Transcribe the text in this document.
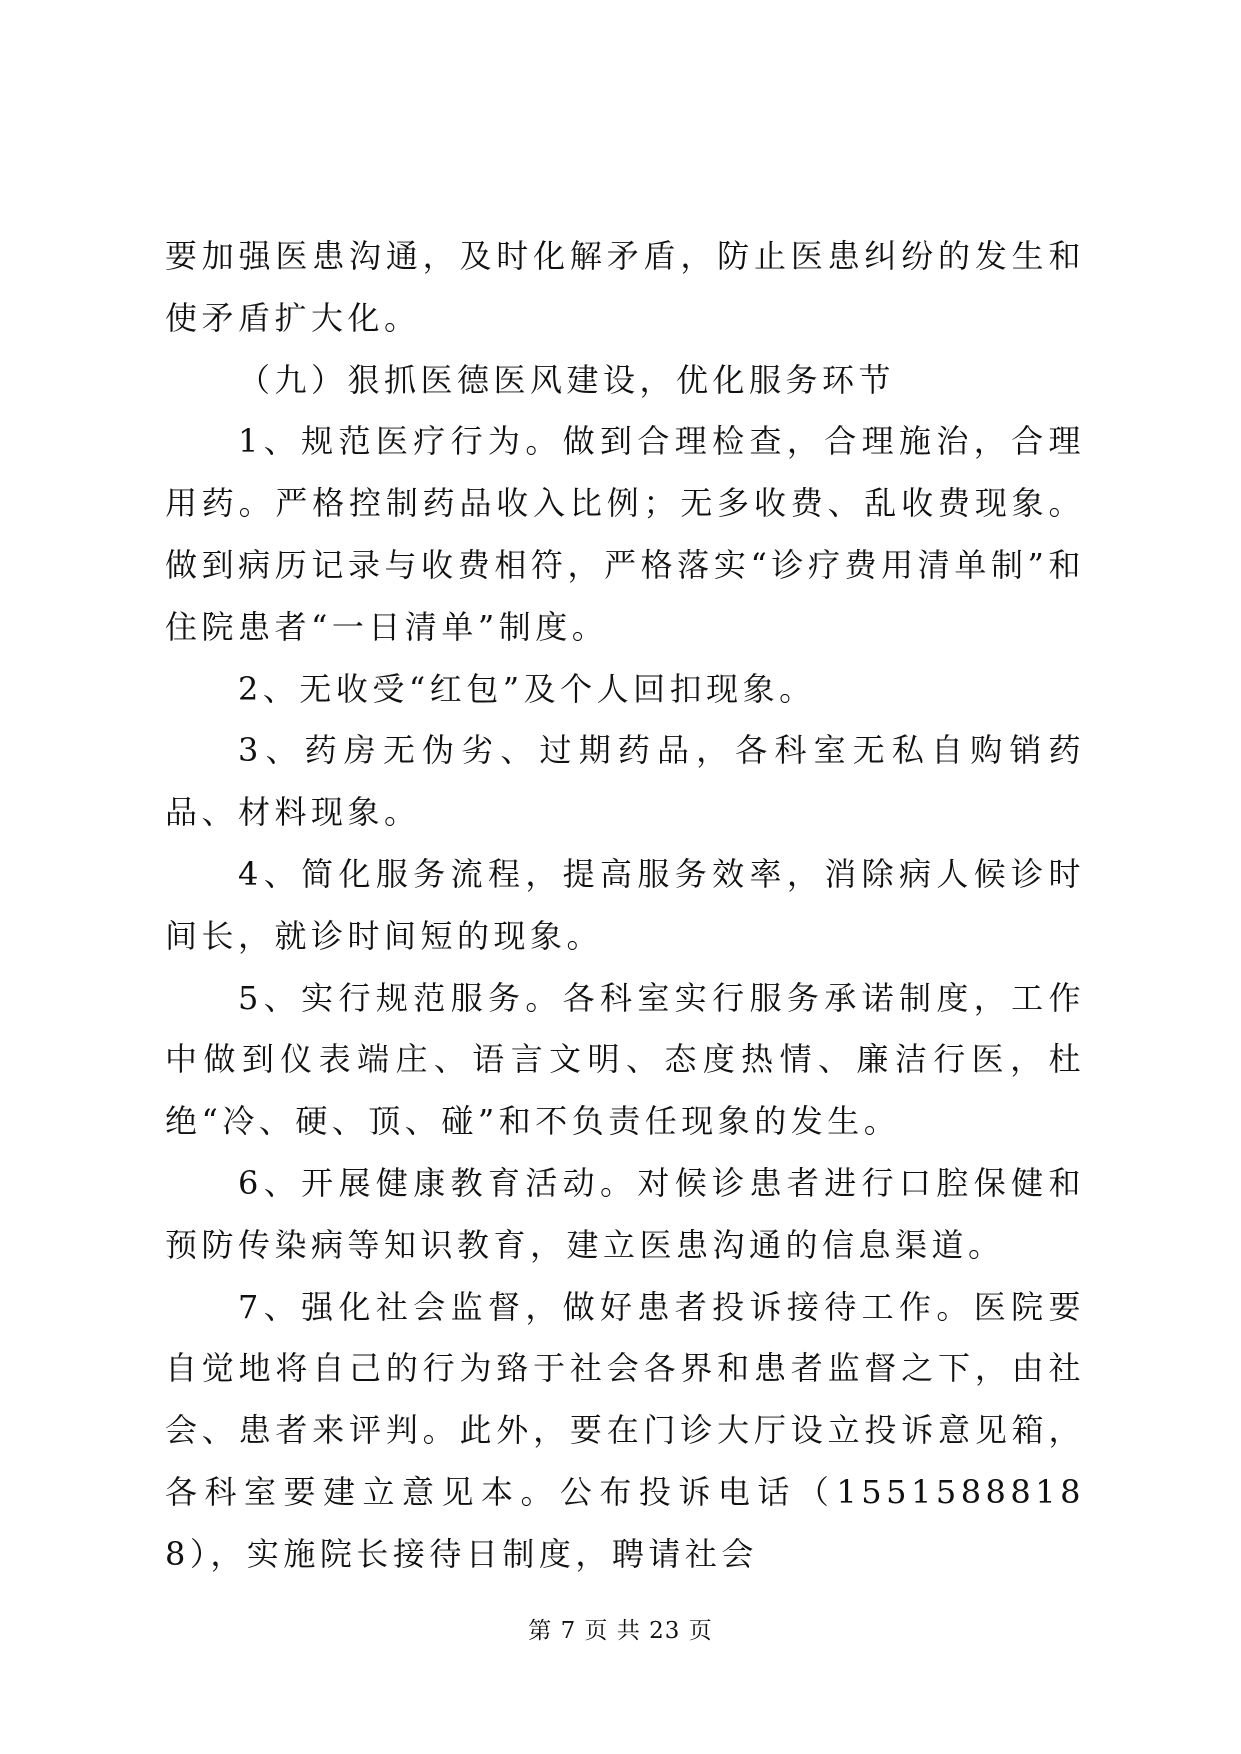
要加强医患沟通，及时化解矛盾，防止医患纠纷的发生和使矛盾扩大化。

（九）狠抓医德医风建设，优化服务环节

1、规范医疗行为。做到合理检查，合理施治，合理用药。严格控制药品收入比例；无多收费、乱收费现象。做到病历记录与收费相符，严格落实“诊疗费用清单制”和住院患者“一日清单”制度。

2、无收受“红包”及个人回扣现象。

3、药房无伪劣、过期药品，各科室无私自购销药品、材料现象。

4、简化服务流程，提高服务效率，消除病人候诊时间长，就诊时间短的现象。

5、实行规范服务。各科室实行服务承诺制度，工作中做到仪表端庄、语言文明、态度热情、廉洁行医，杜绝“冷、硬、顶、碰”和不负责任现象的发生。

6、开展健康教育活动。对候诊患者进行口腔保健和预防传染病等知识教育，建立医患沟通的信息渠道。

7、强化社会监督，做好患者投诉接待工作。医院要自觉地将自己的行为臵于社会各界和患者监督之下，由社会、患者来评判。此外，要在门诊大厅设立投诉意见箱，各科室要建立意见本。公布投诉电话（15515888188），实施院长接待日制度，聘请社会

第 7 页 共 23 页
